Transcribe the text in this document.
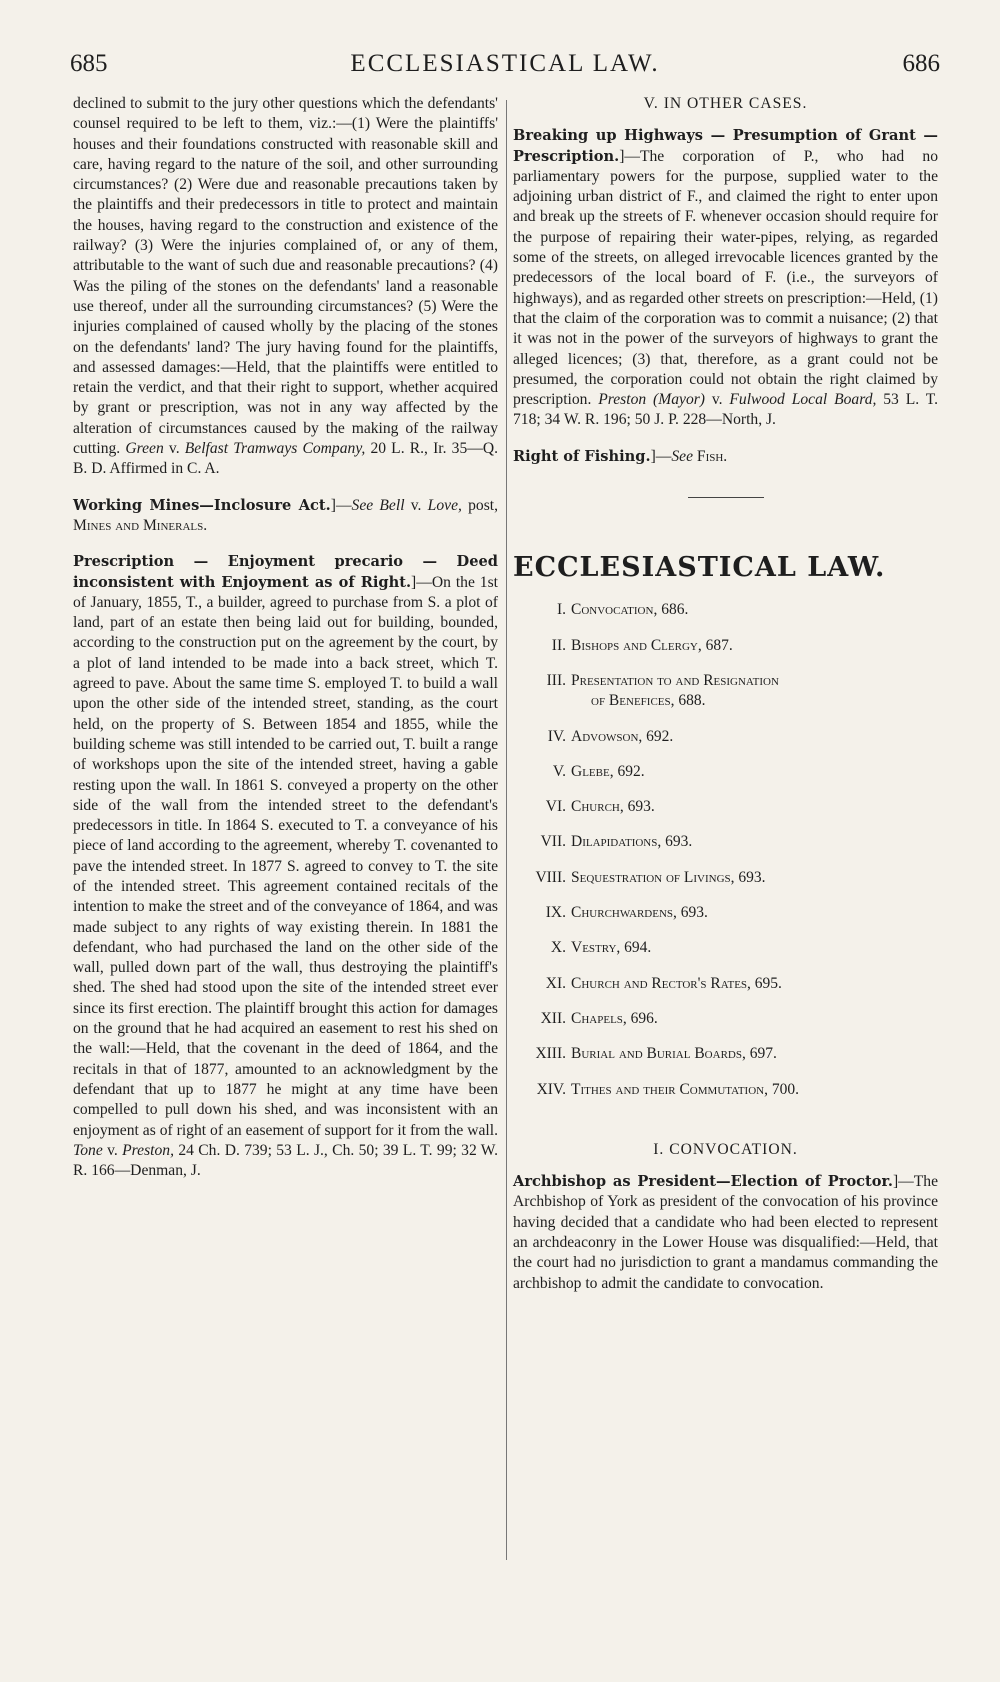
685	ECCLESIASTICAL LAW.	686

declined to submit to the jury other questions which the defendants' counsel required to be left to them, viz.:—(1) Were the plaintiffs' houses and their foundations constructed with reasonable skill and care, having regard to the nature of the soil, and other surrounding circumstances? (2) Were due and reasonable precautions taken by the plaintiffs and their predecessors in title to protect and maintain the houses, having regard to the construction and existence of the railway? (3) Were the injuries complained of, or any of them, attributable to the want of such due and reasonable precautions? (4) Was the piling of the stones on the defendants' land a reasonable use thereof, under all the surrounding circumstances? (5) Were the injuries complained of caused wholly by the placing of the stones on the defendants' land? The jury having found for the plaintiffs, and assessed damages:—Held, that the plaintiffs were entitled to retain the verdict, and that their right to support, whether acquired by grant or prescription, was not in any way affected by the alteration of circumstances caused by the making of the railway cutting. Green v. Belfast Tramways Company, 20 L. R., Ir. 35—Q. B. D. Affirmed in C. A.

Working Mines—Inclosure Act.]—See Bell v. Love, post, Mines and Minerals.

Prescription — Enjoyment precario — Deed inconsistent with Enjoyment as of Right.]—On the 1st of January, 1855, T., a builder, agreed to purchase from S. a plot of land, part of an estate then being laid out for building, bounded, according to the construction put on the agreement by the court, by a plot of land intended to be made into a back street, which T. agreed to pave. About the same time S. employed T. to build a wall upon the other side of the intended street, standing, as the court held, on the property of S. Between 1854 and 1855, while the building scheme was still intended to be carried out, T. built a range of workshops upon the site of the intended street, having a gable resting upon the wall. In 1861 S. conveyed a property on the other side of the wall from the intended street to the defendant's predecessors in title. In 1864 S. executed to T. a conveyance of his piece of land according to the agreement, whereby T. covenanted to pave the intended street. In 1877 S. agreed to convey to T. the site of the intended street. This agreement contained recitals of the intention to make the street and of the conveyance of 1864, and was made subject to any rights of way existing therein. In 1881 the defendant, who had purchased the land on the other side of the wall, pulled down part of the wall, thus destroying the plaintiff's shed. The shed had stood upon the site of the intended street ever since its first erection. The plaintiff brought this action for damages on the ground that he had acquired an easement to rest his shed on the wall:—Held, that the covenant in the deed of 1864, and the recitals in that of 1877, amounted to an acknowledgment by the defendant that up to 1877 he might at any time have been compelled to pull down his shed, and was inconsistent with an enjoyment as of right of an easement of support for it from the wall. Tone v. Preston, 24 Ch. D. 739; 53 L. J., Ch. 50; 39 L. T. 99; 32 W. R. 166—Denman, J.

V. IN OTHER CASES.

Breaking up Highways — Presumption of Grant — Prescription.]—The corporation of P., who had no parliamentary powers for the purpose, supplied water to the adjoining urban district of F., and claimed the right to enter upon and break up the streets of F. whenever occasion should require for the purpose of repairing their water-pipes, relying, as regarded some of the streets, on alleged irrevocable licences granted by the predecessors of the local board of F. (i.e., the surveyors of highways), and as regarded other streets on prescription:—Held, (1) that the claim of the corporation was to commit a nuisance; (2) that it was not in the power of the surveyors of highways to grant the alleged licences; (3) that, therefore, as a grant could not be presumed, the corporation could not obtain the right claimed by prescription. Preston (Mayor) v. Fulwood Local Board, 53 L. T. 718; 34 W. R. 196; 50 J. P. 228—North, J.

Right of Fishing.]—See Fish.

ECCLESIASTICAL LAW.
I. Convocation, 686.
II. Bishops and Clergy, 687.
III. Presentation to and Resignation
of Benefices, 688.
IV. Advowson, 692.
V. Glebe, 692.
VI. Church, 693.
VII. Dilapidations, 693.
VIII. Sequestration of Livings, 693.
IX. Churchwardens, 693.
X. Vestry, 694.
XI. Church and Rector's Rates, 695.
XII. Chapels, 696.
XIII. Burial and Burial Boards, 697.
XIV. Tithes and their Commutation, 700.
I. CONVOCATION.

Archbishop as President—Election of Proctor.]—The Archbishop of York as president of the convocation of his province having decided that a candidate who had been elected to represent an archdeaconry in the Lower House was disqualified:—Held, that the court had no jurisdiction to grant a mandamus commanding the archbishop to admit the candidate to convocation.
